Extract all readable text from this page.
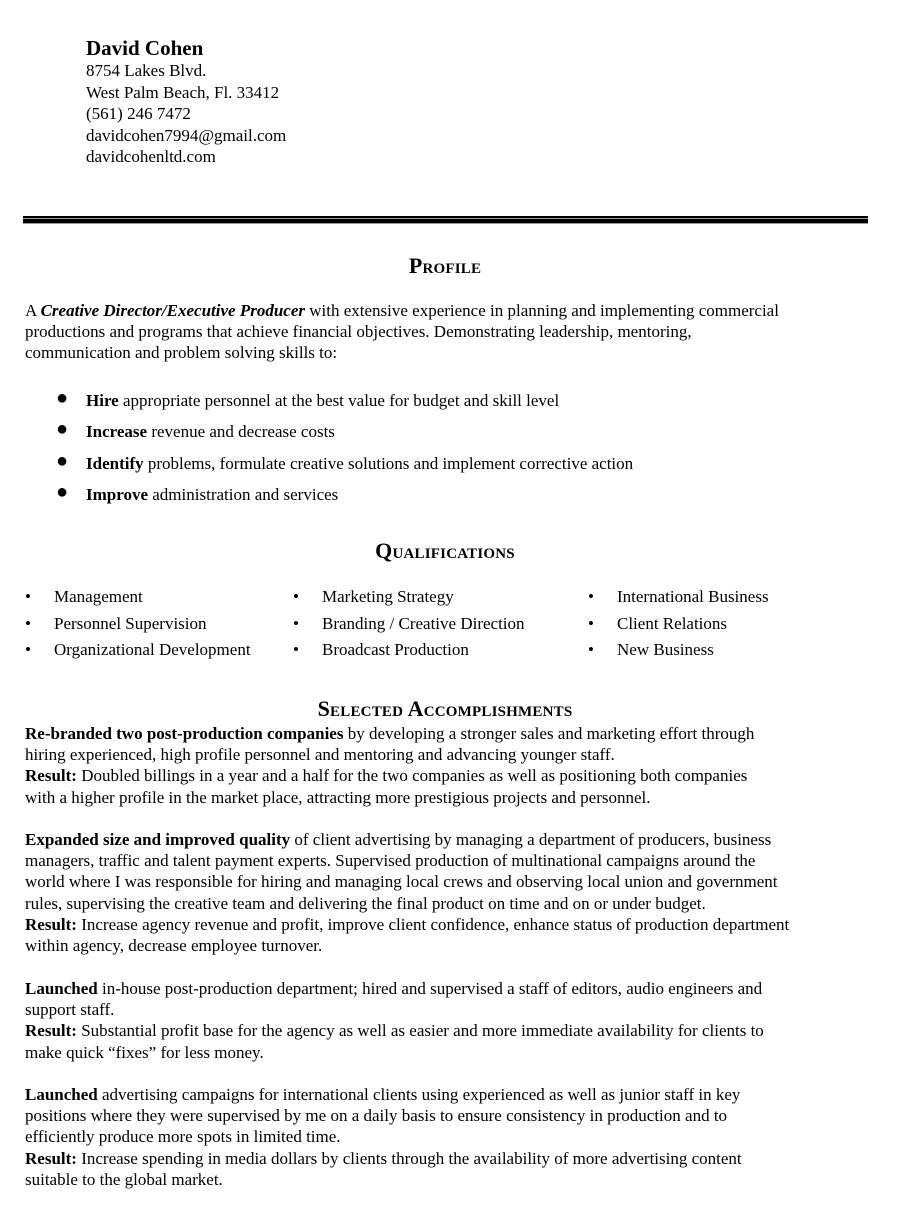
David Cohen
8754 Lakes Blvd.
West Palm Beach, Fl. 33412
(561) 246 7472
davidcohen7994@gmail.com
davidcohenltd.com
Profile
A Creative Director/Executive Producer with extensive experience in planning and implementing commercial
productions and programs that achieve financial objectives. Demonstrating leadership, mentoring,
communication and problem solving skills to:
● Hire appropriate personnel at the best value for budget and skill level
● Increase revenue and decrease costs
● Identify problems, formulate creative solutions and implement corrective action
● Improve administration and services
Qualifications
• Management
• Personnel Supervision
• Organizational Development
• Marketing Strategy
• Branding / Creative Direction
• Broadcast Production
• International Business
• Client Relations
• New Business
Selected Accomplishments
Re-branded two post-production companies by developing a stronger sales and marketing effort through
hiring experienced, high profile personnel and mentoring and advancing younger staff.
Result: Doubled billings in a year and a half for the two companies as well as positioning both companies
with a higher profile in the market place, attracting more prestigious projects and personnel.
Expanded size and improved quality of client advertising by managing a department of producers, business
managers, traffic and talent payment experts. Supervised production of multinational campaigns around the
world where I was responsible for hiring and managing local crews and observing local union and government
rules, supervising the creative team and delivering the final product on time and on or under budget.
Result: Increase agency revenue and profit, improve client confidence, enhance status of production department
within agency, decrease employee turnover.
Launched in-house post-production department; hired and supervised a staff of editors, audio engineers and
support staff.
Result: Substantial profit base for the agency as well as easier and more immediate availability for clients to
make quick “fixes” for less money.
Launched advertising campaigns for international clients using experienced as well as junior staff in key
positions where they were supervised by me on a daily basis to ensure consistency in production and to
efficiently produce more spots in limited time.
Result: Increase spending in media dollars by clients through the availability of more advertising content
suitable to the global market.
